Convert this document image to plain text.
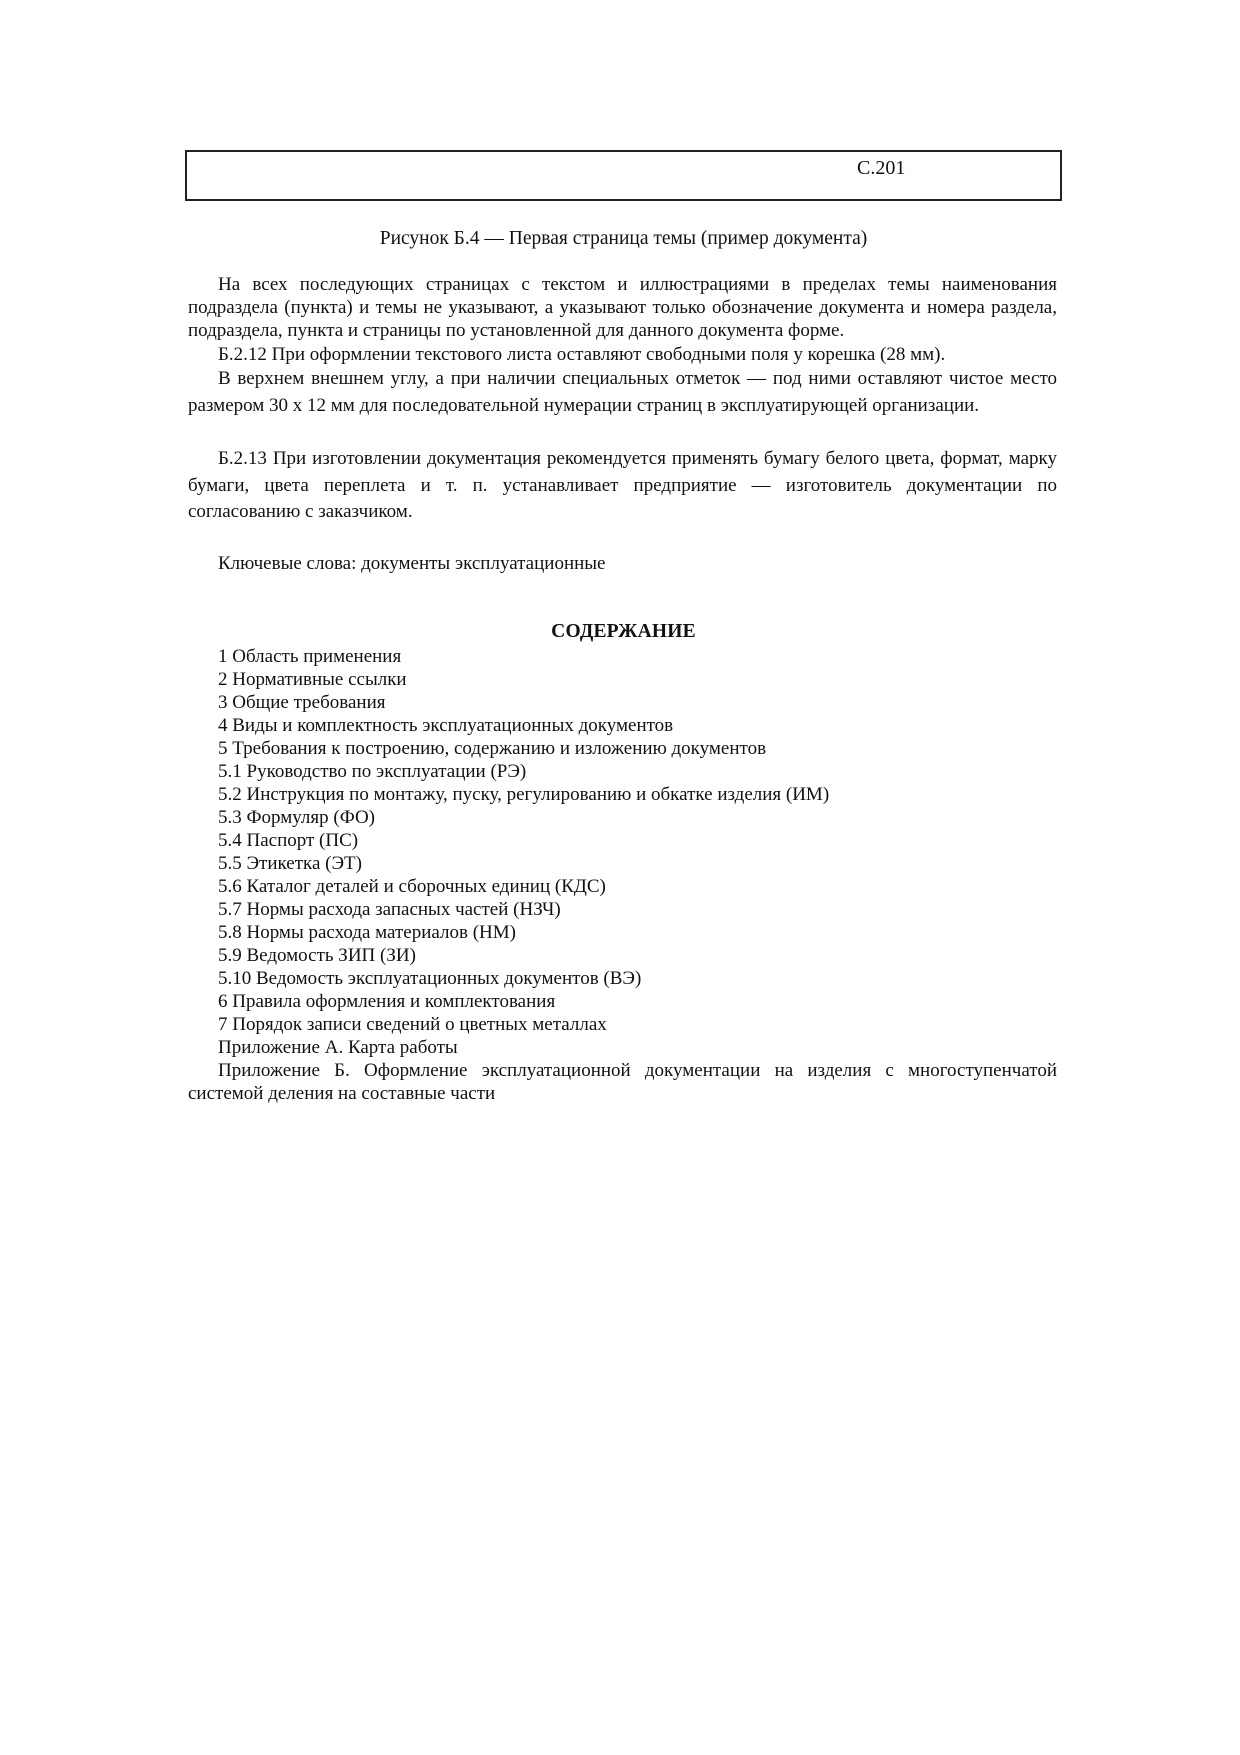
С.201
Рисунок Б.4 — Первая страница темы (пример документа)

На всех последующих страницах с текстом и иллюстрациями в пределах темы наименования подраздела (пункта) и темы не указывают, а указывают только обозначение документа и номера раздела, подраздела, пункта и страницы по установленной для данного документа форме.

Б.2.12 При оформлении текстового листа оставляют свободными поля у корешка (28 мм).

В верхнем внешнем углу, а при наличии специальных отметок — под ними оставляют чистое место размером 30 х 12 мм для последовательной нумерации страниц в эксплуатирующей организации.

Б.2.13 При изготовлении документация рекомендуется применять бумагу белого цвета, формат, марку бумаги, цвета переплета и т. п. устанавливает предприятие — изготовитель документации по согласованию с заказчиком.

Ключевые слова: документы эксплуатационные
СОДЕРЖАНИЕ
1 Область применения
2 Нормативные ссылки
3 Общие требования
4 Виды и комплектность эксплуатационных документов
5 Требования к построению, содержанию и изложению документов
5.1 Руководство по эксплуатации (РЭ)
5.2 Инструкция по монтажу, пуску, регулированию и обкатке изделия (ИМ)
5.3 Формуляр (ФО)
5.4 Паспорт (ПС)
5.5 Этикетка (ЭТ)
5.6 Каталог деталей и сборочных единиц (КДС)
5.7 Нормы расхода запасных частей (НЗЧ)
5.8 Нормы расхода материалов (НМ)
5.9 Ведомость ЗИП (ЗИ)
5.10 Ведомость эксплуатационных документов (ВЭ)
6 Правила оформления и комплектования
7 Порядок записи сведений о цветных металлах
Приложение А. Карта работы
Приложение Б. Оформление эксплуатационной документации на изделия с многоступенчатой системой деления на составные части
